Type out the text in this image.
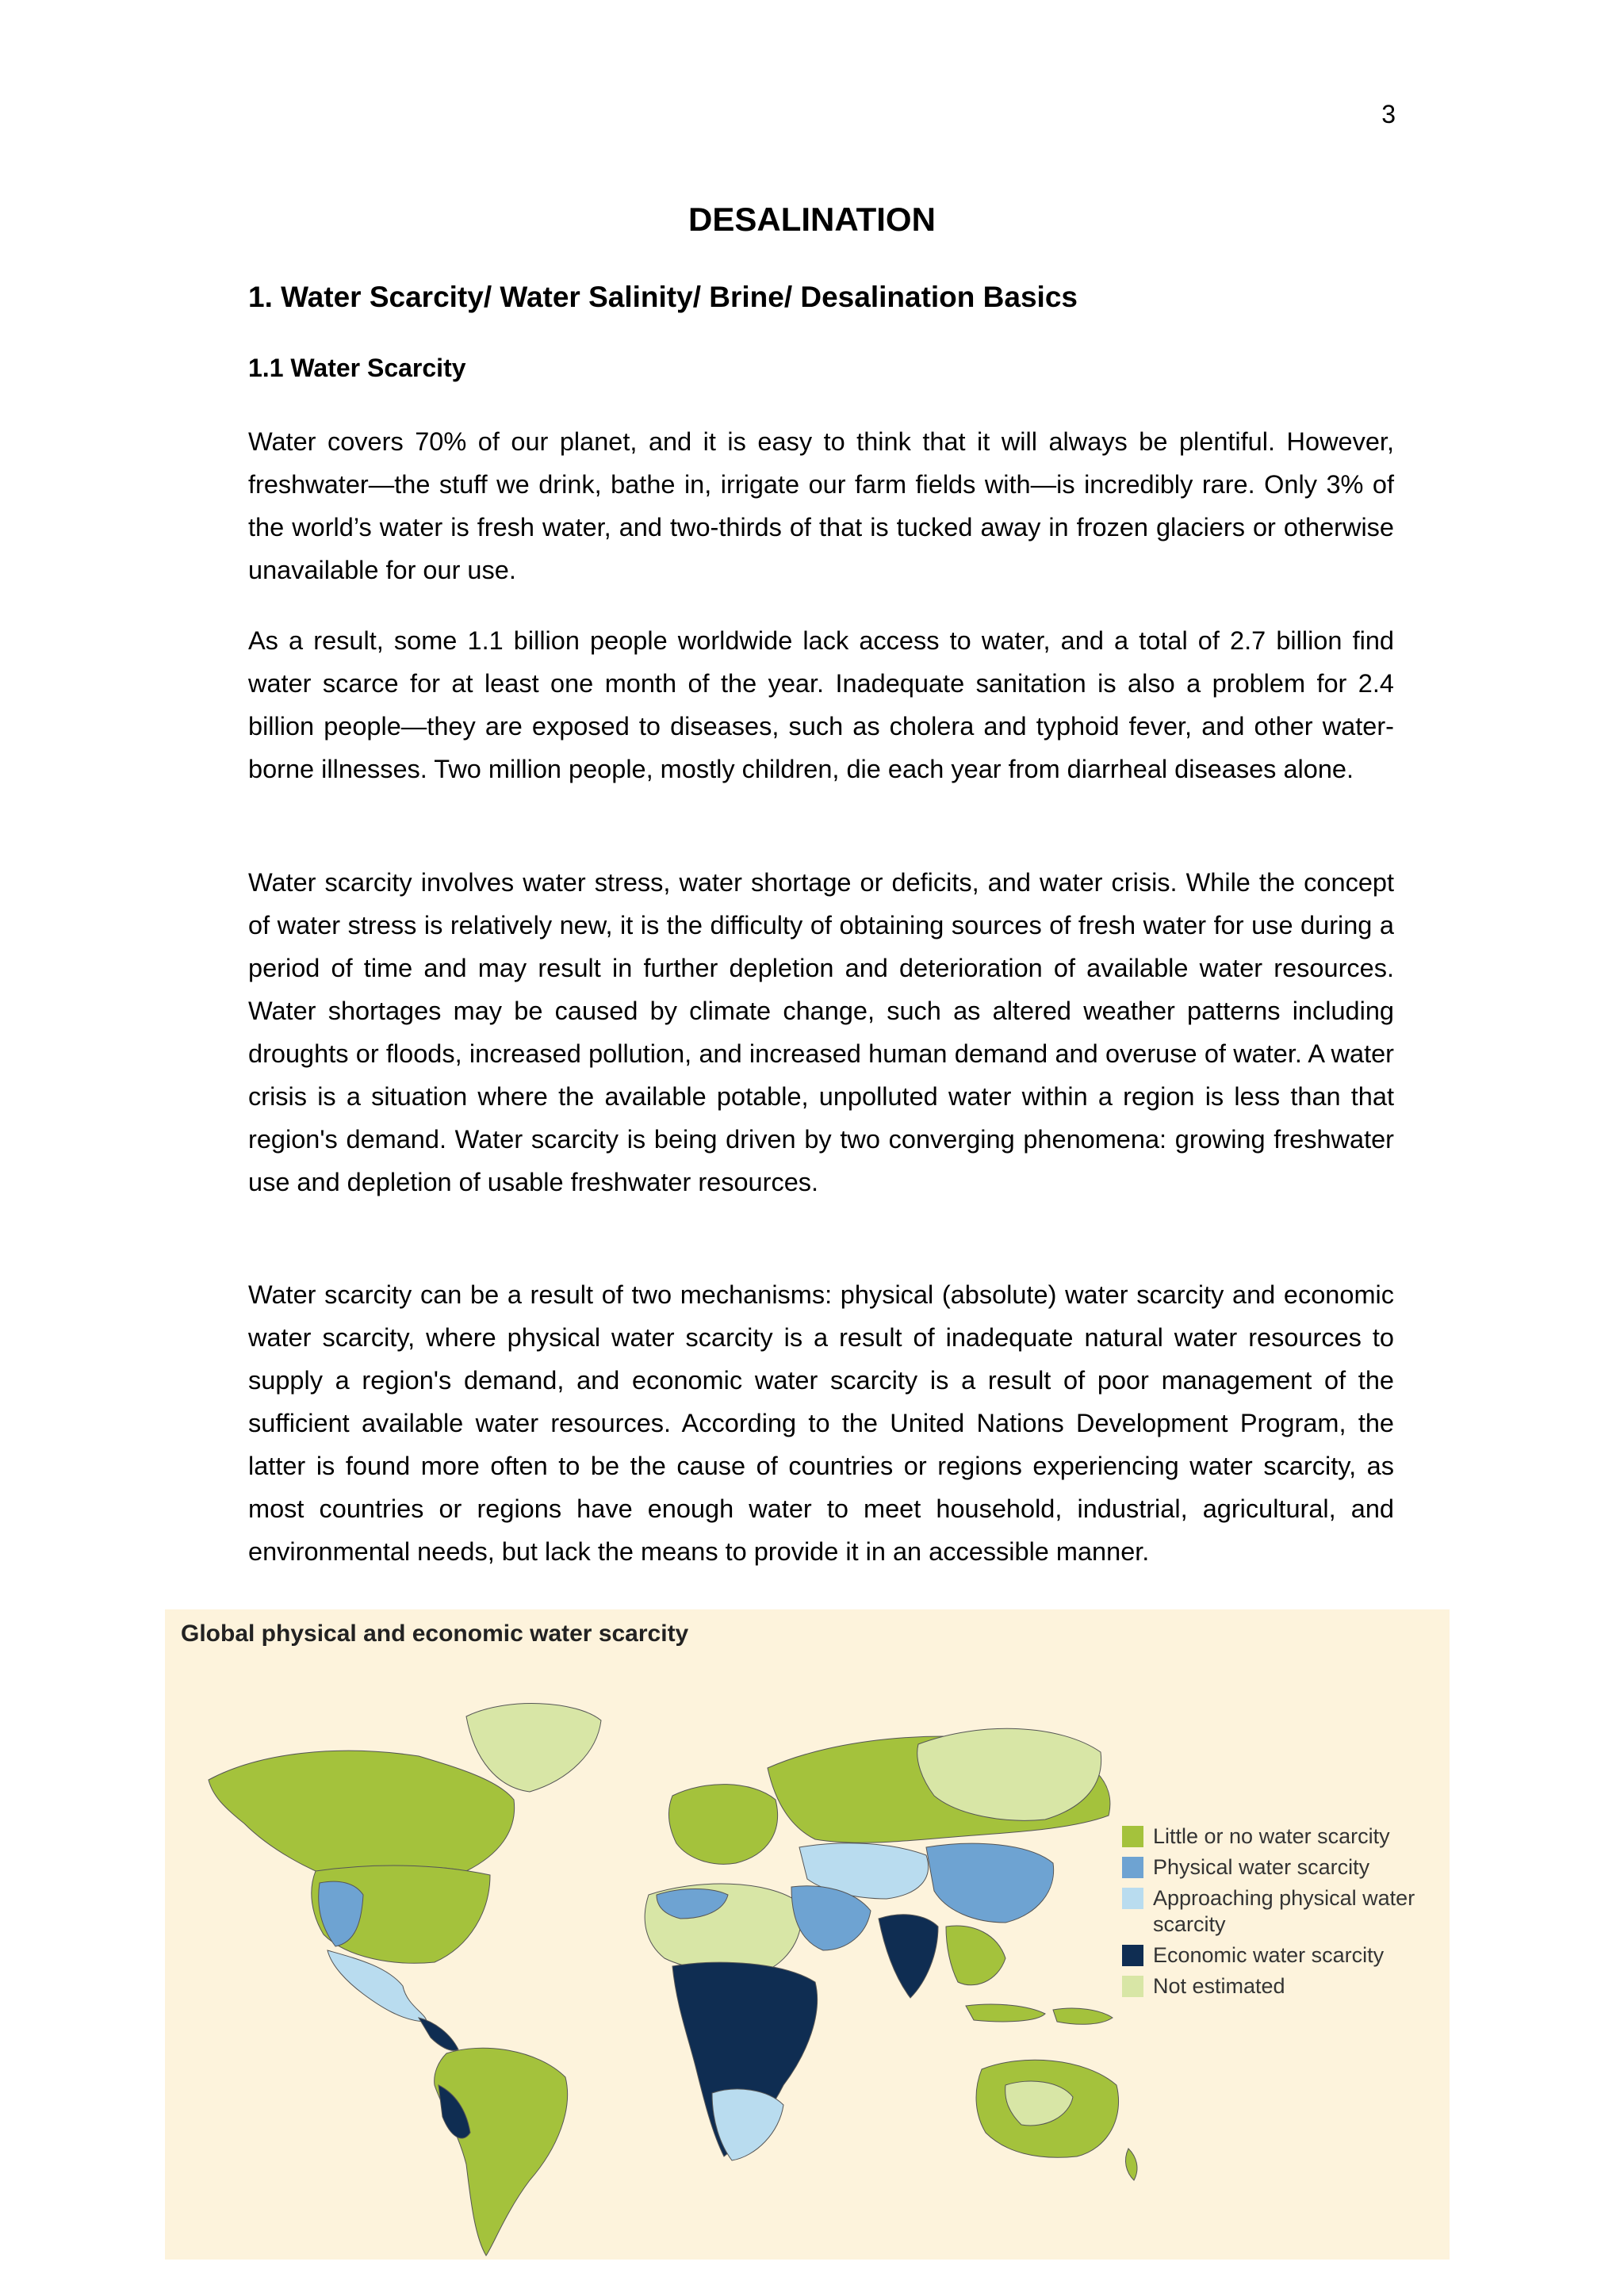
3
DESALINATION
1. Water Scarcity/ Water Salinity/ Brine/ Desalination Basics
1.1 Water Scarcity

Water covers 70% of our planet, and it is easy to think that it will always be plentiful. However, freshwater—the stuff we drink, bathe in, irrigate our farm fields with—is incredibly rare. Only 3% of the world’s water is fresh water, and two-thirds of that is tucked away in frozen glaciers or otherwise unavailable for our use.

As a result, some 1.1 billion people worldwide lack access to water, and a total of 2.7 billion find water scarce for at least one month of the year. Inadequate sanitation is also a problem for 2.4 billion people—they are exposed to diseases, such as cholera and typhoid fever, and other water-borne illnesses. Two million people, mostly children, die each year from diarrheal diseases alone.

Water scarcity involves water stress, water shortage or deficits, and water crisis. While the concept of water stress is relatively new, it is the difficulty of obtaining sources of fresh water for use during a period of time and may result in further depletion and deterioration of available water resources. Water shortages may be caused by climate change, such as altered weather patterns including droughts or floods, increased pollution, and increased human demand and overuse of water. A water crisis is a situation where the available potable, unpolluted water within a region is less than that region's demand. Water scarcity is being driven by two converging phenomena: growing freshwater use and depletion of usable freshwater resources.

Water scarcity can be a result of two mechanisms: physical (absolute) water scarcity and economic water scarcity, where physical water scarcity is a result of inadequate natural water resources to supply a region's demand, and economic water scarcity is a result of poor management of the sufficient available water resources. According to the United Nations Development Program, the latter is found more often to be the cause of countries or regions experiencing water scarcity, as most countries or regions have enough water to meet household, industrial, agricultural, and environmental needs, but lack the means to provide it in an accessible manner.

Global physical and economic water scarcity
Little or no water scarcity
Physical water scarcity
Approaching physical water scarcity
Economic water scarcity
Not estimated
